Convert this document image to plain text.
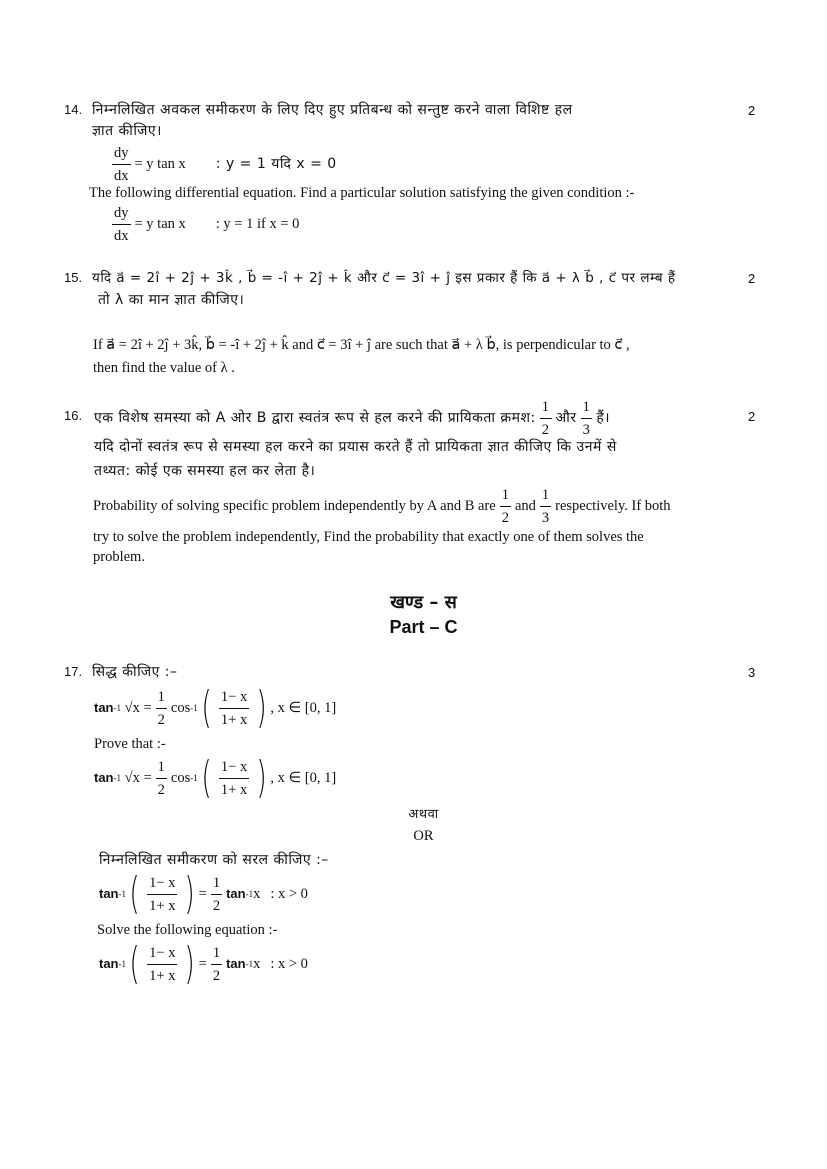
14. निम्नलिखित अवकल समीकरण के लिए दिए हुए प्रतिबन्ध को सन्तुष्ट करने वाला विशिष्ट हल	2
ज्ञात कीजिए।
$\frac{dy}{dx} = y$ tan x : y = 1 यदि x = 0
The following differential equation. Find a particular solution satisfying the given condition :-
$\frac{dy}{dx} = y$ tan x : y = 1 if x = 0
15. यदि a⃗ = 2î + 2ĵ + 3k̂ , b⃗ = -î + 2ĵ + k̂ और c⃗ = 3î + ĵ इस प्रकार हैं कि a⃗ + λ b⃗ , c⃗ पर लम्ब हैं	2
तो λ का मान ज्ञात कीजिए।
If a⃗ = 2î + 2ĵ + 3k̂, b⃗ = -î + 2ĵ + k̂ and c⃗ = 3î + ĵ are such that a⃗ + λ b⃗, is perpendicular to c⃗ ,
then find the value of λ .
16. एक विशेष समस्या को A ओर B द्वारा स्वतंत्र रूप से हल करने की प्रायिकता क्रमश: $\frac{1}{2}$ और $\frac{1}{3}$ हैं।	2
यदि दोनों स्वतंत्र रूप से समस्या हल करने का प्रयास करते हैं तो प्रायिकता ज्ञात कीजिए कि उनमें से
तथ्यत: कोई एक समस्या हल कर लेता है।
Probability of solving specific problem independently by A and B are $\frac{1}{2}$ and $\frac{1}{3}$ respectively. If both
try to solve the problem independently, Find the probability that exactly one of them solves the
problem.
खण्ड – स
Part – C
17. सिद्ध कीजिए :–	3
tan -1
√x
= $\frac{1}{2}$ cos -1 ( $\frac{1- x}{1+ x}$ ) , x ∈ [0, 1]
Prove that :-
tan -1
√x
= $\frac{1}{2}$ cos -1 ( $\frac{1- x}{1+ x}$ ) , x ∈ [0, 1]
अथवा
OR
निम्नलिखित समीकरण को सरल कीजिए :–
tan -1 ( $\frac{1- x}{1+ x}$ ) = $\frac{1}{2}$ tan -1 x : x > 0
Solve the following equation :-
tan -1 ( $\frac{1- x}{1+ x}$ ) = $\frac{1}{2}$ tan -1 x : x > 0
